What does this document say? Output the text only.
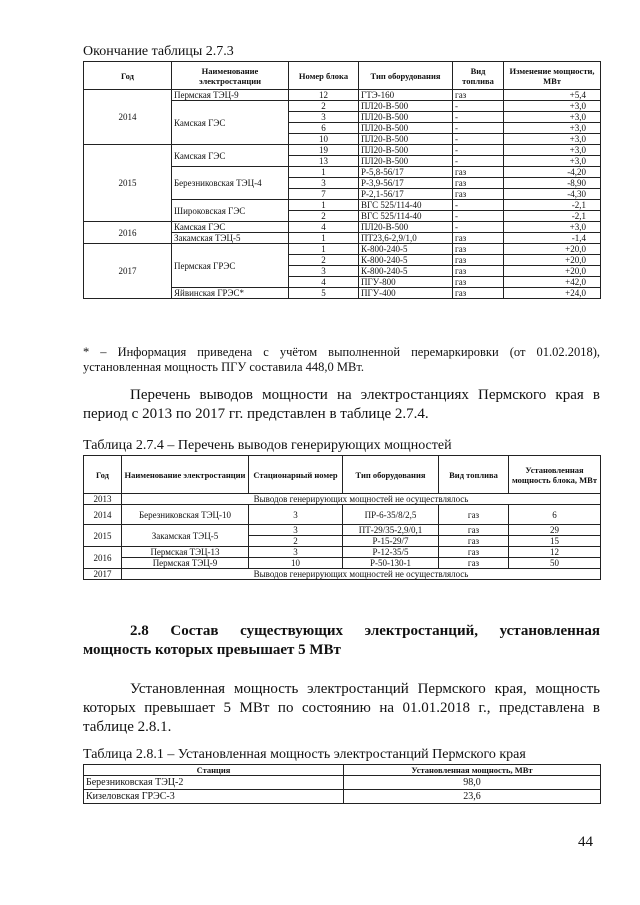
Окончание таблицы 2.7.3
Год	Наименование электростанции	Номер блока	Тип оборудования	Вид топлива	Изменение мощности, МВт
2014	Пермская ТЭЦ-9	12	ГТЭ-160	газ	+5,4
	Камская ГЭС	2	ПЛ20-В-500	-	+3,0
		3	ПЛ20-В-500	-	+3,0
		6	ПЛ20-В-500	-	+3,0
		10	ПЛ20-В-500	-	+3,0
2015	Камская ГЭС	19	ПЛ20-В-500	-	+3,0
		13	ПЛ20-В-500	-	+3,0
	Березниковская ТЭЦ-4	1	Р-5,8-56/17	газ	-4,20
		3	Р-3,9-56/17	газ	-8,90
		7	Р-2,1-56/17	газ	-4,30
	Широковская ГЭС	1	ВГС 525/114-40	-	-2,1
		2	ВГС 525/114-40	-	-2,1
2016	Камская ГЭС	4	ПЛ20-В-500	-	+3,0
	Закамская ТЭЦ-5	1	ПТ23,6-2,9/1,0	газ	-1,4
2017	Пермская ГРЭС	1	К-800-240-5	газ	+20,0
		2	К-800-240-5	газ	+20,0
		3	К-800-240-5	газ	+20,0
		4	ПГУ-800	газ	+42,0
	Яйвинская ГРЭС*	5	ПГУ-400	газ	+24,0
* – Информация приведена с учётом выполненной перемаркировки (от 01.02.2018), установленная мощность ПГУ составила 448,0 МВт.
Перечень выводов мощности на электростанциях Пермского края в период с 2013 по 2017 гг. представлен в таблице 2.7.4.
Таблица 2.7.4 – Перечень выводов генерирующих мощностей
Год	Наименование электростанции	Стационарный номер	Тип оборудования	Вид топлива	Установленная мощность блока, МВт
2013	Выводов генерирующих мощностей не осуществлялось				
2014	Березниковская ТЭЦ-10	3	ПР-6-35/8/2,5	газ	6
2015	Закамская ТЭЦ-5	3	ПТ-29/35-2,9/0,1	газ	29
		2	Р-15-29/7	газ	15
2016	Пермская ТЭЦ-13	3	Р-12-35/5	газ	12
	Пермская ТЭЦ-9	10	Р-50-130-1	газ	50
2017	Выводов генерирующих мощностей не осуществлялось				
2.8 Состав существующих электростанций, установленная мощность которых превышает 5 МВт
Установленная мощность электростанций Пермского края, мощность которых превышает 5 МВт по состоянию на 01.01.2018 г., представлена в таблице 2.8.1.
Таблица 2.8.1 – Установленная мощность электростанций Пермского края
Станция	Установленная мощность, МВт
Березниковская ТЭЦ-2	98,0
Кизеловская ГРЭС-3	23,6
44
